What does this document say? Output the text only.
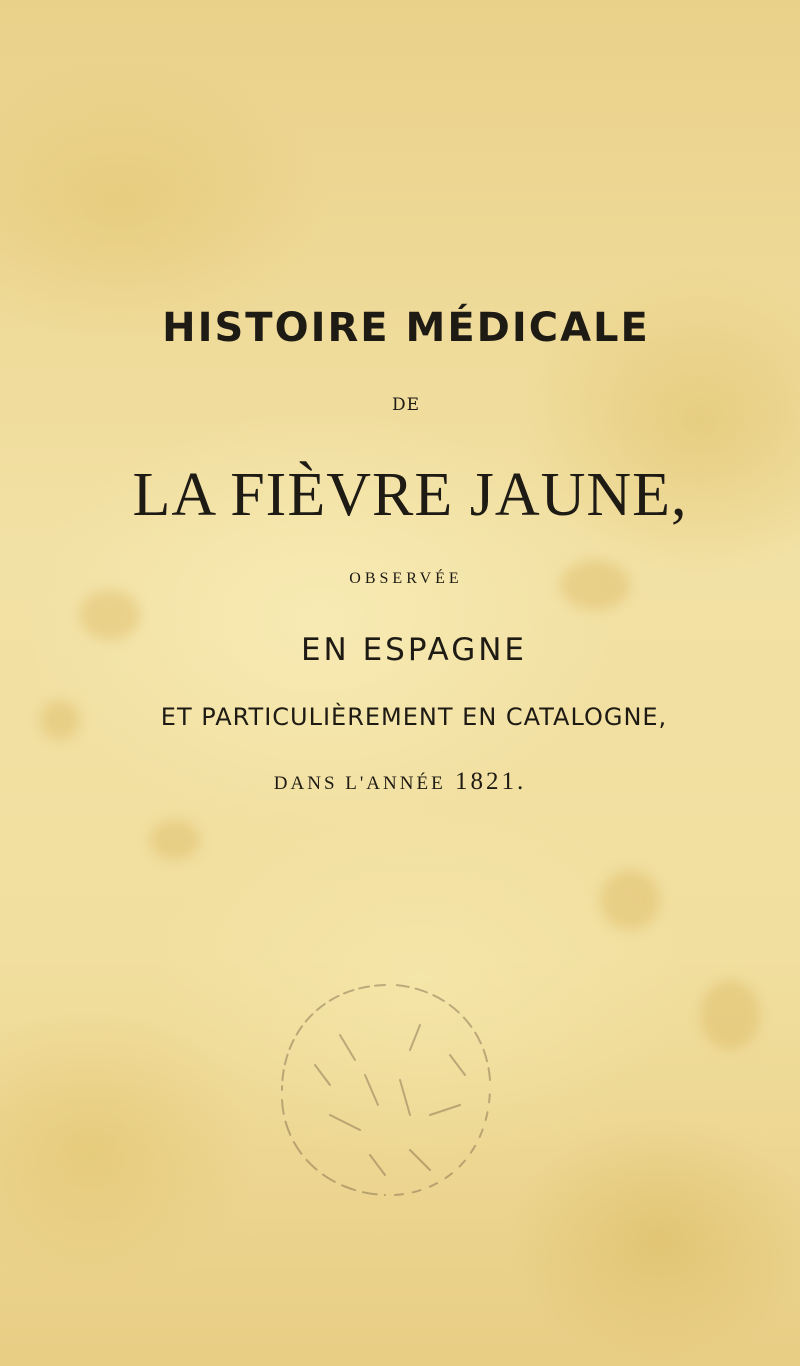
HISTOIRE MÉDICALE

DE

LA FIÈVRE JAUNE,

OBSERVÉE

EN ESPAGNE

ET PARTICULIÈREMENT EN CATALOGNE,

DANS L'ANNÉE 1821.
